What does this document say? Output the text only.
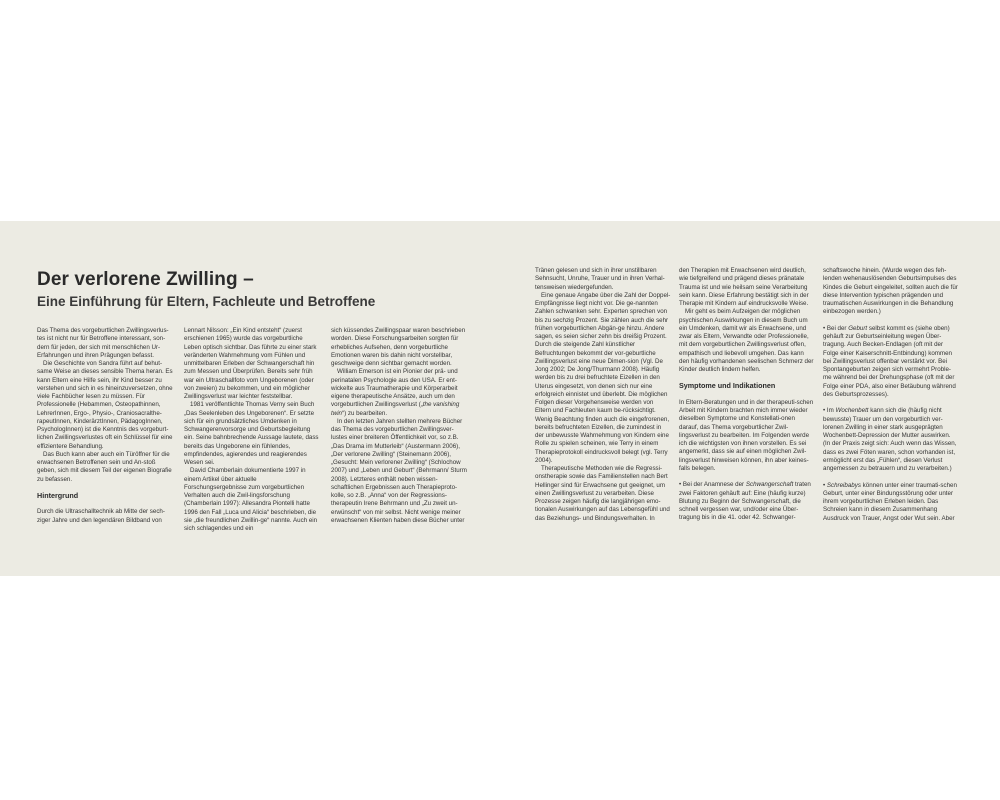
Der verlorene Zwilling –
Eine Einführung für Eltern, Fachleute und Betroffene

Das Thema des vorgeburtlichen Zwillingsverlus-tes ist nicht nur für Betroffene interessant, son-dern für jeden, der sich mit menschlichen Ur-Erfahrungen und ihren Prägungen befasst.

Die Geschichte von Sandra führt auf behut-same Weise an dieses sensible Thema heran. Es kann Eltern eine Hilfe sein, ihr Kind besser zu verstehen und sich in es hineinzuversetzen, ohne viele Fachbücher lesen zu müssen. Für Professionelle (Hebammen, Osteopathinnen, LehrerInnen, Ergo-, Physio-, Craniosacralthe-rapeutInnen, KinderärztInnen, PädagogInnen, PsychologInnen) ist die Kenntnis des vorgeburt-lichen Zwillingsverlustes oft ein Schlüssel für eine effizientere Behandlung.

Das Buch kann aber auch ein Türöffner für die erwachsenen Betroffenen sein und An-stoß geben, sich mit diesem Teil der eigenen Biografie zu befassen.

Hintergrund

Durch die Ultraschalltechnik ab Mitte der sech-ziger Jahre und den legendären Bildband von

Lennart Nilsson: „Ein Kind entsteht“ (zuerst erschienen 1965) wurde das vorgeburtliche Leben optisch sichtbar. Das führte zu einer stark veränderten Wahrnehmung vom Fühlen und unmittelbaren Erleben der Schwangerschaft hin zum Messen und Überprüfen. Bereits sehr früh war ein Ultraschallfoto vom Ungeborenen (oder von zweien) zu bekommen, und ein möglicher Zwillingsverlust war leichter feststellbar.

1981 veröffentlichte Thomas Verny sein Buch „Das Seelenleben des Ungeborenen“. Er setzte sich für ein grundsätzliches Umdenken in Schwangerenvorsorge und Geburtsbegleitung ein. Seine bahnbrechende Aussage lautete, dass bereits das Ungeborene ein fühlendes, empfindendes, agierendes und reagierendes Wesen sei.

David Chamberlain dokumentierte 1997 in einem Artikel über aktuelle Forschungsergebnisse zum vorgeburtlichen Verhalten auch die Zwil-lingsforschung (Chamberlain 1997): Allesandra Piontelli hatte 1996 den Fall „Luca und Alicia“ beschrieben, die sie „die freundlichen Zwillin-ge“ nannte. Auch ein sich schlagendes und ein

sich küssendes Zwillingspaar waren beschrieben worden. Diese Forschungsarbeiten sorgten für erhebliches Aufsehen, denn vorgeburtliche Emotionen waren bis dahin nicht vorstellbar, geschweige denn sichtbar gemacht worden.

William Emerson ist ein Pionier der prä- und perinatalen Psychologie aus den USA. Er ent-wickelte aus Traumatherapie und Körperarbeit eigene therapeutische Ansätze, auch um den vorgeburtlichen Zwillingsverlust („the vanishing twin“) zu bearbeiten.

In den letzten Jahren stellten mehrere Bücher das Thema des vorgeburtlichen Zwillingsver-lustes einer breiteren Öffentlichkeit vor, so z.B. „Das Drama im Mutterleib“ (Austermann 2006), „Der verlorene Zwilling“ (Steinemann 2006), „Gesucht: Mein verlorener Zwilling“ (Schlochow 2007) und „Leben und Geburt“ (Behrmann/ Sturm 2008). Letzteres enthält neben wissen-schaftlichen Ergebnissen auch Therapieproto-kolle, so z.B. „Anna“ von der Regressions-therapeutin Irene Behrmann und „Zu zweit un-erwünscht“ von mir selbst. Nicht wenige meiner erwachsenen Klienten haben diese Bücher unter

Tränen gelesen und sich in ihrer unstillbaren Sehnsucht, Unruhe, Trauer und in ihren Verhal-tensweisen wiedergefunden.

Eine genaue Angabe über die Zahl der Doppel-Empfängnisse liegt nicht vor. Die ge-nannten Zahlen schwanken sehr. Experten sprechen von bis zu sechzig Prozent. Sie zählen auch die sehr frühen vorgeburtlichen Abgän-ge hinzu. Andere sagen, es seien sicher zehn bis dreißig Prozent. Durch die steigende Zahl künstlicher Befruchtungen bekommt der vor-geburtliche Zwillingsverlust eine neue Dimen-sion (Vgl. De Jong 2002; De Jong/Thurmann 2008). Häufig werden bis zu drei befruchtete Eizellen in den Uterus eingesetzt, von denen sich nur eine erfolgreich einnistet und überlebt. Die möglichen Folgen dieser Vorgehensweise werden von Eltern und Fachleuten kaum be-rücksichtigt. Wenig Beachtung finden auch die eingefrorenen, bereits befruchteten Eizellen, die zumindest in der unbewusste Wahrnehmung von Kindern eine Rolle zu spielen scheinen, wie Terry in einem Therapieprotokoll eindrucksvoll belegt (vgl. Terry 2004).

Therapeutische Methoden wie die Regressi-onstherapie sowie das Familienstellen nach Bert Hellinger sind für Erwachsene gut geeignet, um einen Zwillingsverlust zu verarbeiten. Diese Prozesse zeigen häufig die langjährigen emo-tionalen Auswirkungen auf das Lebensgefühl und das Beziehungs- und Bindungsverhalten. In

den Therapien mit Erwachsenen wird deutlich, wie tiefgreifend und prägend dieses pränatale Trauma ist und wie heilsam seine Verarbeitung sein kann. Diese Erfahrung bestätigt sich in der Therapie mit Kindern auf eindrucksvolle Weise.

Mir geht es beim Aufzeigen der möglichen psychischen Auswirkungen in diesem Buch um ein Umdenken, damit wir als Erwachsene, und zwar als Eltern, Verwandte oder Professionelle, mit dem vorgeburtlichen Zwillingsverlust offen, empathisch und liebevoll umgehen. Das kann den häufig vorhandenen seelischen Schmerz der Kinder deutlich lindern helfen.

Symptome und Indikationen

In Eltern-Beratungen und in der therapeuti-schen Arbeit mit Kindern brachten mich immer wieder dieselben Symptome und Konstellati-onen darauf, das Thema vorgeburtlicher Zwil-lingsverlust zu bearbeiten. Im Folgenden werde ich die wichtigsten von ihnen vorstellen. Es sei angemerkt, dass sie auf einen möglichen Zwil-lingsverlust hinweisen können, ihn aber keines-falls belegen.

• Bei der Anamnese der Schwangerschaft traten zwei Faktoren gehäuft auf: Eine (häufig kurze) Blutung zu Beginn der Schwangerschaft, die schnell vergessen war, und/oder eine Über-tragung bis in die 41. oder 42. Schwanger-

schaftswoche hinein. (Wurde wegen des feh-lenden wehenauslösenden Geburtsimpulses des Kindes die Geburt eingeleitet, sollten auch die für diese Intervention typischen prägenden und traumatischen Auswirkungen in die Behandlung einbezogen werden.)

• Bei der Geburt selbst kommt es (siehe oben) gehäuft zur Geburtseinleitung wegen Über-tragung. Auch Becken-Endlagen (oft mit der Folge einer Kaiserschnitt-Entbindung) kommen bei Zwillingsverlust offenbar verstärkt vor. Bei Spontangeburten zeigen sich vermehrt Proble-me während bei der Drehungsphase (oft mit der Folge einer PDA, also einer Betäubung während des Geburtsprozesses).

• Im Wochenbett kann sich die (häufig nicht bewusste) Trauer um den vorgeburtlich ver-lorenen Zwilling in einer stark ausgeprägten Wochenbett-Depression der Mutter auswirken. (In der Praxis zeigt sich: Auch wenn das Wissen, dass es zwei Föten waren, schon vorhanden ist, ermöglicht erst das „Fühlen“, diesen Verlust angemessen zu betrauern und zu verarbeiten.)

• Schreibabys können unter einer traumati-schen Geburt, unter einer Bindungsstörung oder unter ihrem vorgeburtlichen Erleben leiden. Das Schreien kann in diesem Zusammenhang Ausdruck von Trauer, Angst oder Wut sein. Aber
